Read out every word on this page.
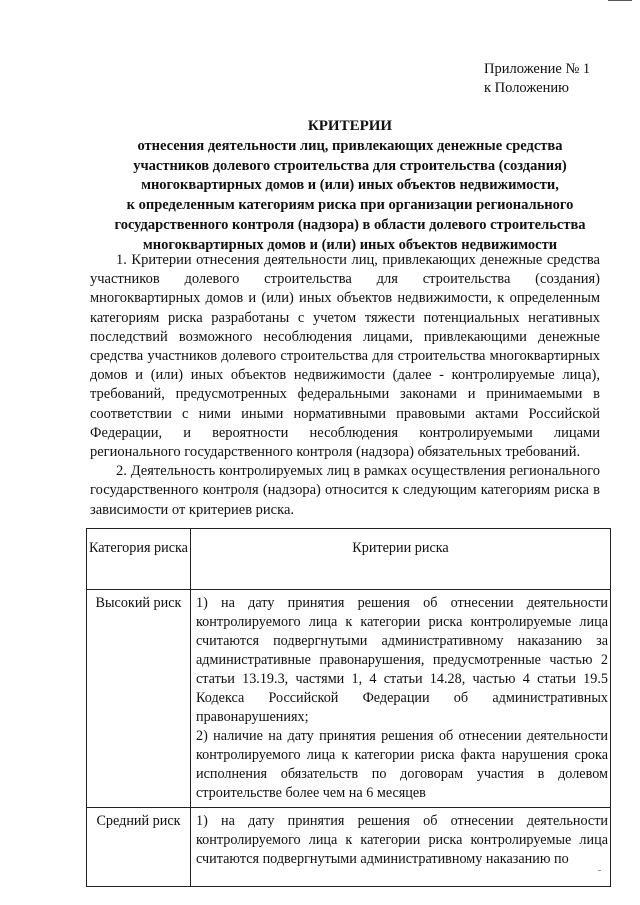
Приложение № 1
к Положению
КРИТЕРИИ
отнесения деятельности лиц, привлекающих денежные средства
участников долевого строительства для строительства (создания)
многоквартирных домов и (или) иных объектов недвижимости,
к определенным категориям риска при организации регионального
государственного контроля (надзора) в области долевого строительства
многоквартирных домов и (или) иных объектов недвижимости

1. Критерии отнесения деятельности лиц, привлекающих денежные средства участников долевого строительства для строительства (создания) многоквартирных домов и (или) иных объектов недвижимости, к определенным категориям риска разработаны с учетом тяжести потенциальных негативных последствий возможного несоблюдения лицами, привлекающими денежные средства участников долевого строительства для строительства многоквартирных домов и (или) иных объектов недвижимости (далее - контролируемые лица), требований, предусмотренных федеральными законами и принимаемыми в соответствии с ними иными нормативными правовыми актами Российской Федерации, и вероятности несоблюдения контролируемыми лицами регионального государственного контроля (надзора) обязательных требований.

2. Деятельность контролируемых лиц в рамках осуществления регионального государственного контроля (надзора) относится к следующим категориям риска в зависимости от критериев риска.

Категория риска	Критерии риска
Высокий риск	1) на дату принятия решения об отнесении деятельности контролируемого лица к категории риска контролируемые лица считаются подвергнутыми административному наказанию за административные правонарушения, предусмотренные частью 2 статьи 13.19.3, частями 1, 4 статьи 14.28, частью 4 статьи 19.5 Кодекса Российской Федерации об административных правонарушениях;

2) наличие на дату принятия решения об отнесении деятельности контролируемого лица к категории риска факта нарушения срока исполнения обязательств по договорам участия в долевом строительстве более чем на 6 месяцев

Средний риск	1) на дату принятия решения об отнесении деятельности контролируемого лица к категории риска контролируемые лица считаются подвергнутыми административному наказанию по
